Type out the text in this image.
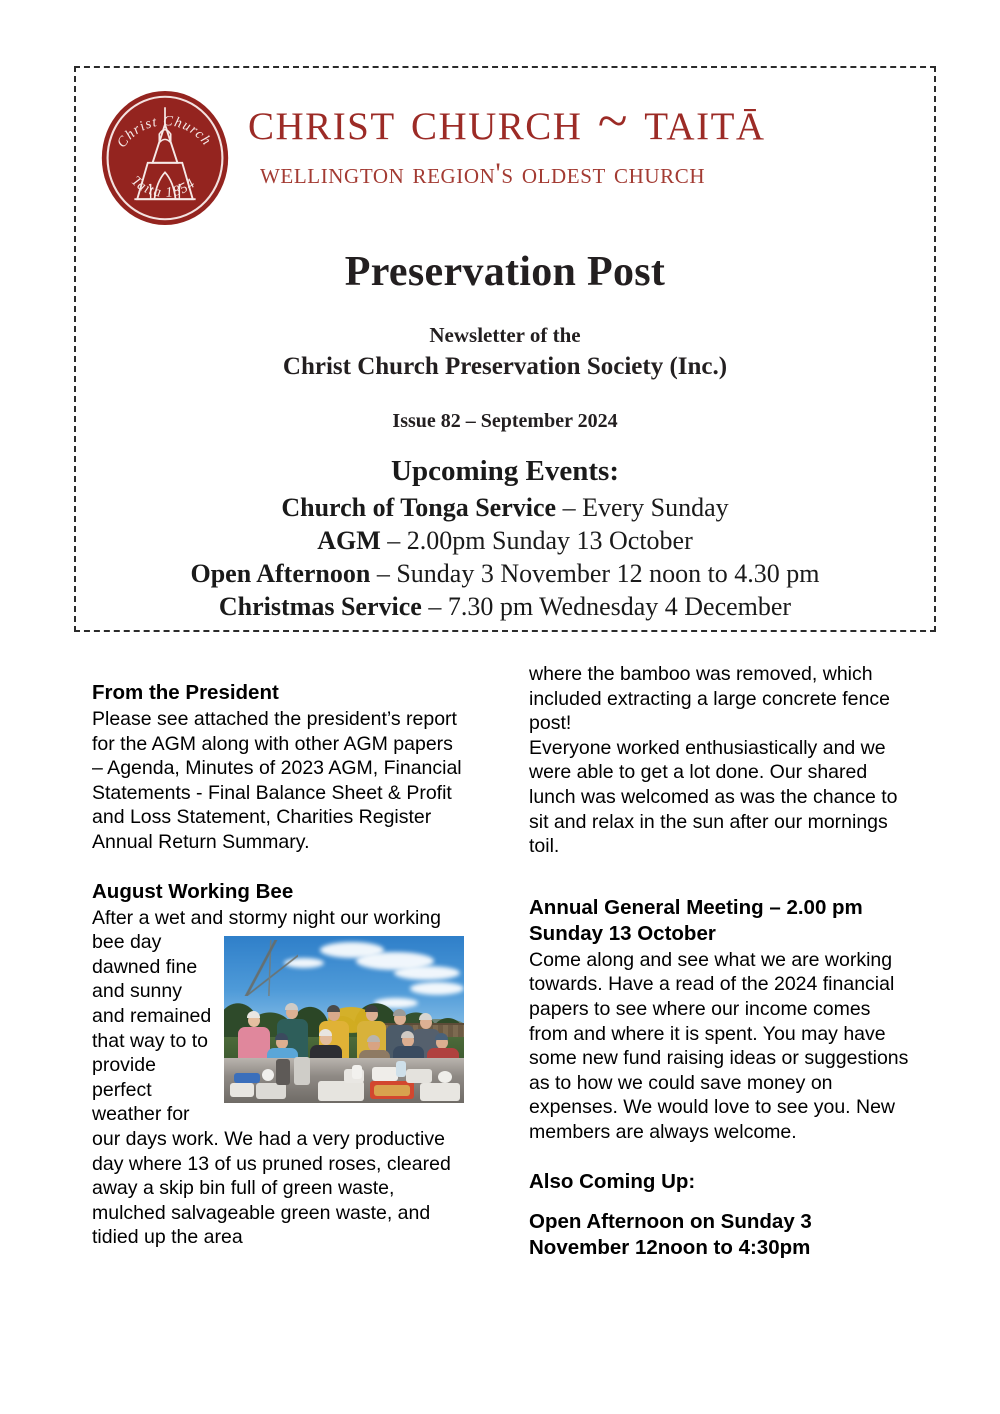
Christ Church
Taita 1854
christ church ~ taitā
wellington region's oldest church
Preservation Post
Newsletter of the
Christ Church Preservation Society (Inc.)
Issue 82 – September 2024
Upcoming Events:
Church of Tonga Service – Every Sunday
AGM – 2.00pm Sunday 13 October
Open Afternoon – Sunday 3 November 12 noon to 4.30 pm
Christmas Service – 7.30 pm Wednesday 4 December
From the President
Please see attached the president’s report for the AGM along with other AGM papers – Agenda, Minutes of 2023 AGM, Financial Statements - Final Balance Sheet & Profit and Loss Statement, Charities Register Annual Return Summary.
August Working Bee
After a wet and stormy night our working
bee day dawned fine and sunny and remained that way to to provide perfect
weather for our days work. We had a very productive day where 13 of us pruned roses, cleared away a skip bin full of green waste, mulched salvageable green waste, and tidied up the area
where the bamboo was removed, which included extracting a large concrete fence post!
Everyone worked enthusiastically and we were able to get a lot done. Our shared lunch was welcomed as was the chance to sit and relax in the sun after our mornings toil.
Annual General Meeting – 2.00 pm Sunday 13 October
Come along and see what we are working towards. Have a read of the 2024 financial papers to see where our income comes from and where it is spent. You may have some new fund raising ideas or suggestions as to how we could save money on expenses. We would love to see you. New members are always welcome.
Also Coming Up:
Open Afternoon on Sunday 3 November 12noon to 4:30pm
